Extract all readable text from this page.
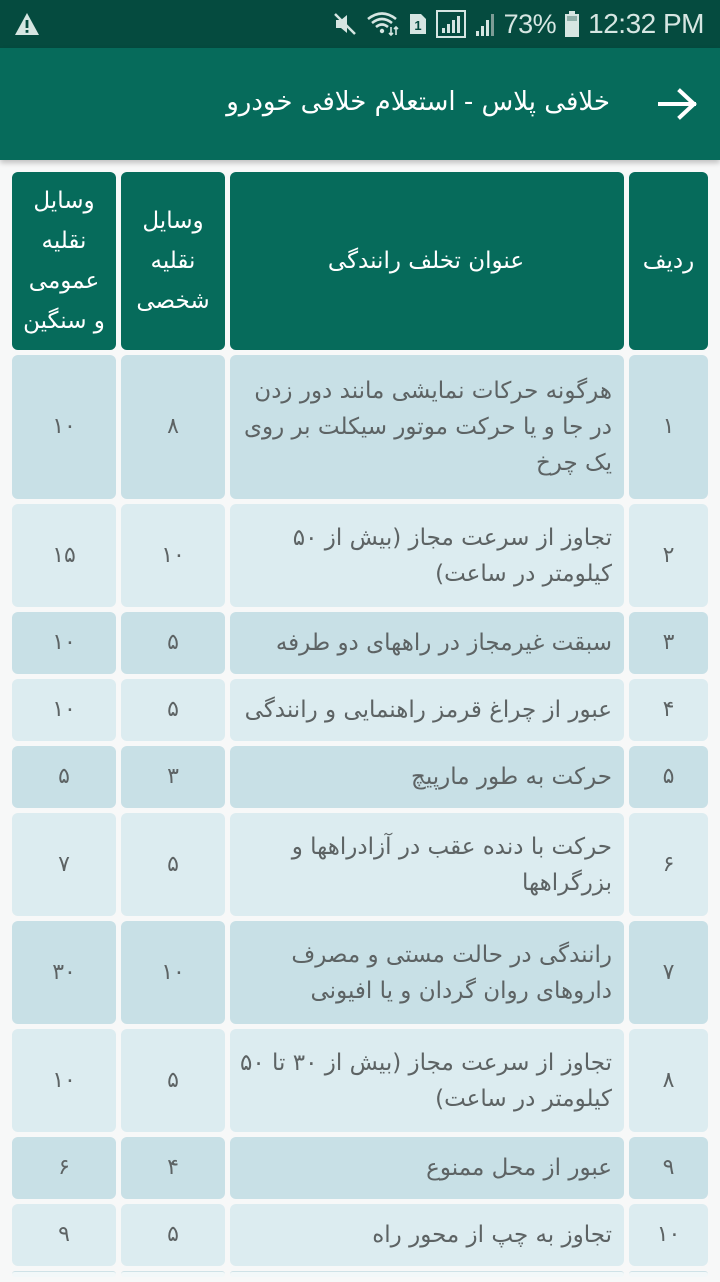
1	73% 12:32 PM
خلافی پلاس - استعلام خلافی خودرو
ردیف
عنوان تخلف رانندگی
وسایل نقلیه شخصی
وسایل نقلیه عمومی و سنگین
۱
هرگونه حرکات نمایشی مانند دور زدن در جا و یا حرکت موتور سیکلت بر روی یک چرخ
۸
۱۰
۲
تجاوز از سرعت مجاز (بیش از ۵۰ کیلومتر در ساعت)
۱۰
۱۵
۳
سبقت غیرمجاز در راههای دو طرفه
۵
۱۰
۴
عبور از چراغ قرمز راهنمایی و رانندگی
۵
۱۰
۵
حرکت به طور مارپیچ
۳
۵
۶
حرکت با دنده عقب در آزادراهها و بزرگراهها
۵
۷
۷
رانندگی در حالت مستی و مصرف داروهای روان گردان و یا افیونی
۱۰
۳۰
۸
تجاوز از سرعت مجاز (بیش از ۳۰ تا ۵۰ کیلومتر در ساعت)
۵
۱۰
۹
عبور از محل ممنوع
۴
۶
۱۰
تجاوز به چپ از محور راه
۵
۹
